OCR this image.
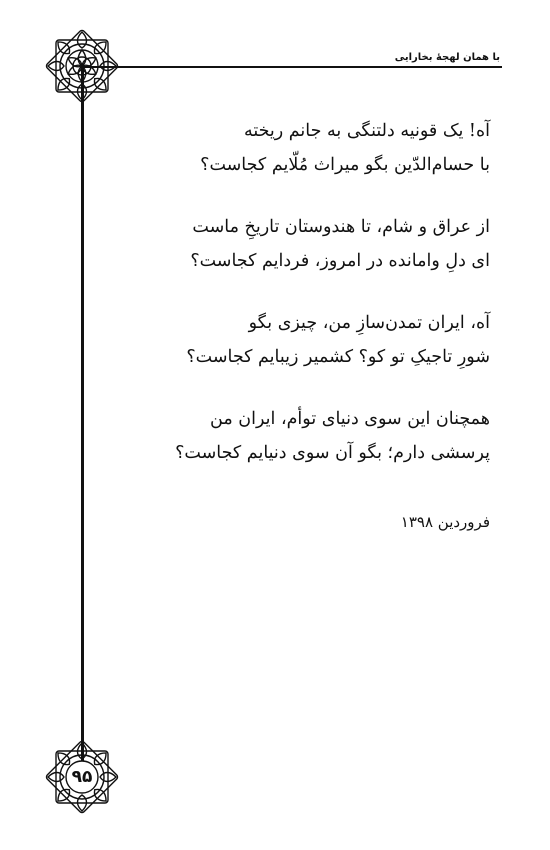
با همان لهجهٔ بخارایی
آه! یک قونیه دلتنگی به جانم ریخته
با حسام‌الدّین بگو میراث مُلّایم کجاست؟
از عراق و شام، تا هندوستان تاریخِ ماست
ای دلِ وامانده در امروز، فردایم کجاست؟
آه، ایران تمدن‌سازِ من، چیزی بگو
شورِ تاجیکِ تو کو؟ کشمیر زیبایم کجاست؟
همچنان این سوی دنیای توأم، ایران من
پرسشی دارم؛ بگو آن سوی دنیایم کجاست؟
فروردین ۱۳۹۸
۹۵
